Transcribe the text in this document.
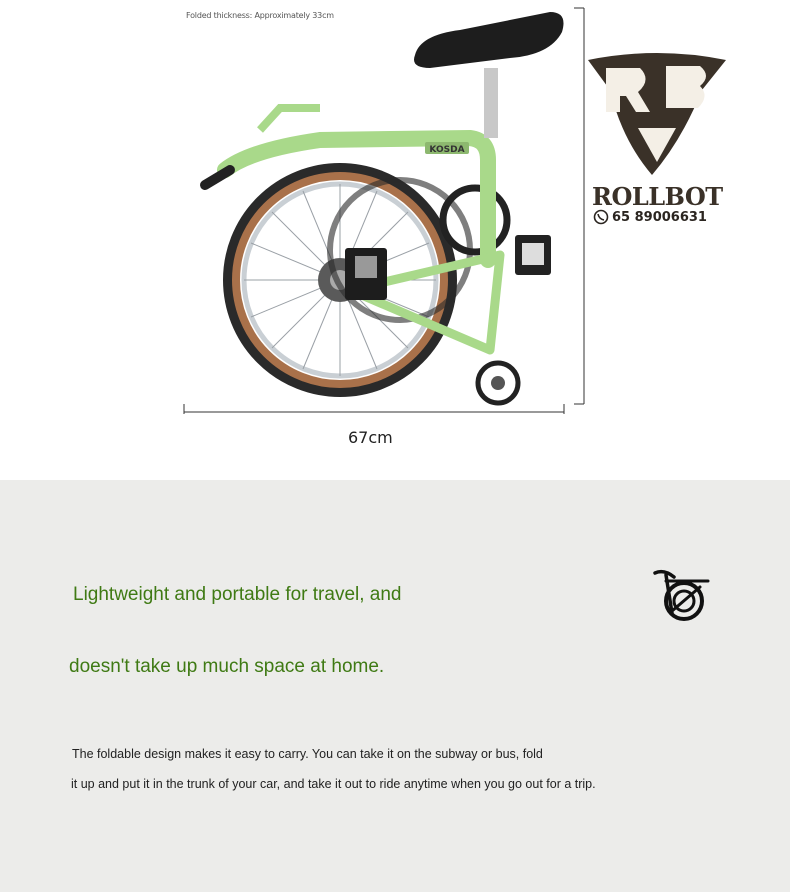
Folded thickness: Approximately 33cm
KOSDA
67cm
ROLLBOT
65 89006631
Lightweight and portable for travel, and
doesn't take up much space at home.
The foldable design makes it easy to carry. You can take it on the subway or bus, fold
it up and put it in the trunk of your car, and take it out to ride anytime when you go out for a trip.
